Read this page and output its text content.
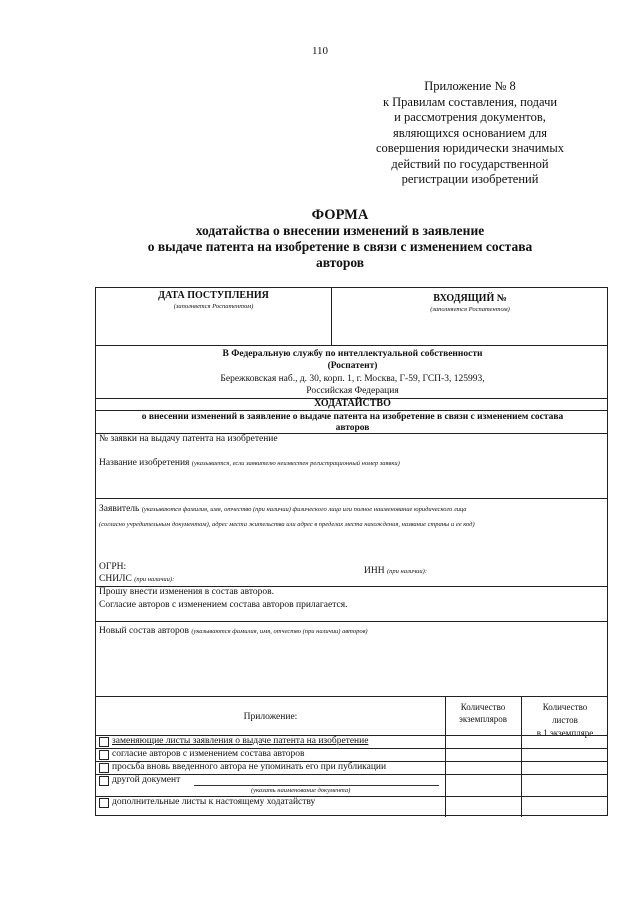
110
Приложение № 8
к Правилам составления, подачи
и рассмотрения документов,
являющихся основанием для
совершения юридически значимых
действий по государственной
регистрации изобретений
ФОРМА
ходатайства о внесении изменений в заявление
о выдаче патента на изобретение в связи с изменением состава
авторов
ДАТА ПОСТУПЛЕНИЯ
(заполняется Роспатентом)
ВХОДЯЩИЙ №
(заполняется Роспатентом)
В Федеральную службу по интеллектуальной собственности
(Роспатент)
Бережковская наб., д. 30, корп. 1, г. Москва, Г-59, ГСП-3, 125993,
Российская Федерация
ХОДАТАЙСТВО
о внесении изменений в заявление о выдаче патента на изобретение в связи с изменением состава
авторов
№ заявки на выдачу патента на изобретение
Название изобретения (указывается, если заявителю неизвестен регистрационный номер заявки)
Заявитель (указываются фамилия, имя, отчество (при наличии) физического лица или полное наименование юридического лица
(согласно учредительным документам), адрес места жительства или адрес в пределах места нахождения, название страны и ее код)
ОГРН:	ИНН (при наличии):
СНИЛС (при наличии):
Прошу внести изменения в состав авторов.
Согласие авторов с изменением состава авторов прилагается.
Новый состав авторов (указываются фамилия, имя, отчество (при наличии) авторов)
Приложение:
Количество
экземпляров
Количество
листов
в 1 экземпляре
заменяющие листы заявления о выдаче патента на изобретение
согласие авторов с изменением состава авторов
просьба вновь введенного автора не упоминать его при публикации
другой документ
(указать наименование документа)
дополнительные листы к настоящему ходатайству
